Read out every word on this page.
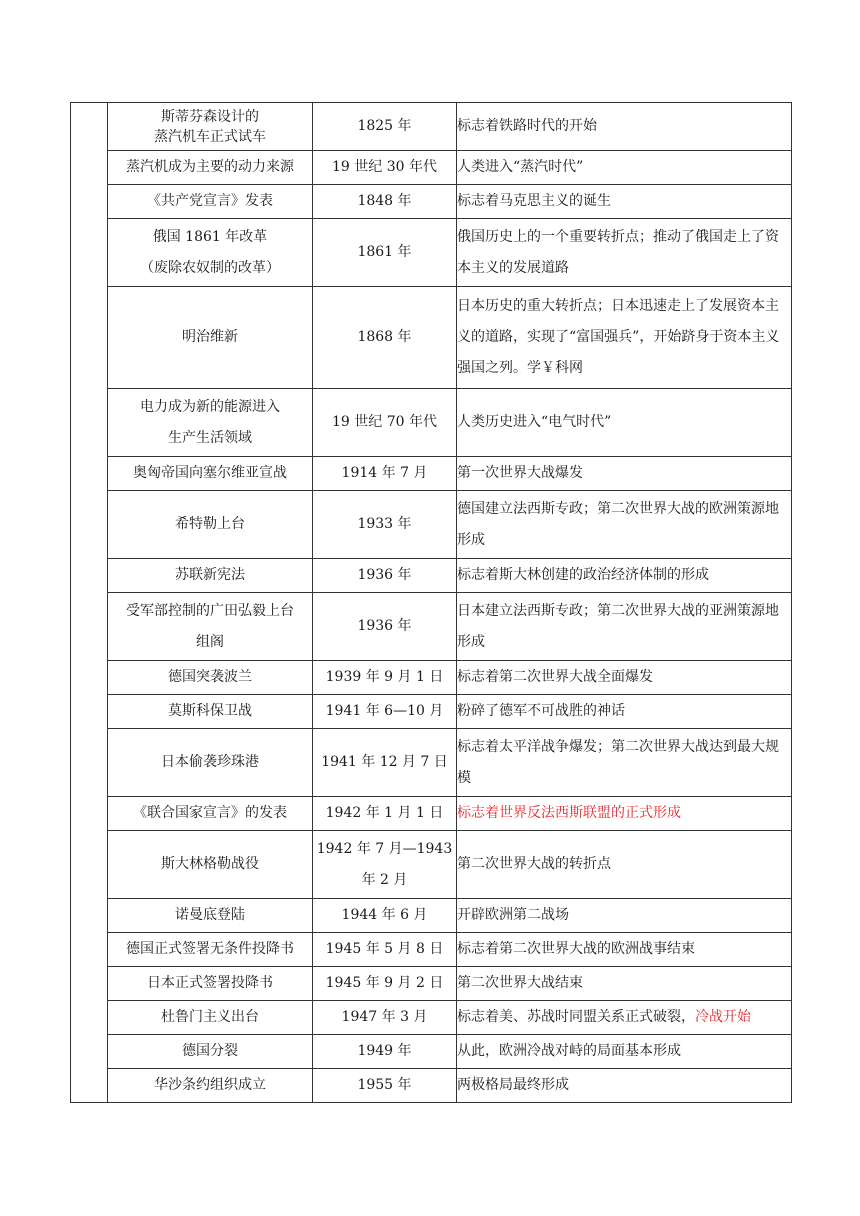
	斯蒂芬森设计的
蒸汽机车正式试车	1825 年	标志着铁路时代的开始

	蒸汽机成为主要的动力来源	19 世纪 30 年代	人类进入“蒸汽时代”

	《共产党宣言》发表	1848 年	标志着马克思主义的诞生

	俄国 1861 年改革
（废除农奴制的改革）	1861 年	俄国历史上的一个重要转折点；推动了俄国走上了资本主义的发展道路

	明治维新	1868 年	日本历史的重大转折点；日本迅速走上了发展资本主义的道路，实现了“富国强兵”，开始跻身于资本主义强国之列。学￥科网

	电力成为新的能源进入
生产生活领域	19 世纪 70 年代	人类历史进入“电气时代”

	奥匈帝国向塞尔维亚宣战	1914 年 7 月	第一次世界大战爆发

	希特勒上台	1933 年	德国建立法西斯专政；第二次世界大战的欧洲策源地形成

	苏联新宪法	1936 年	标志着斯大林创建的政治经济体制的形成

	受军部控制的广田弘毅上台
组阁	1936 年	日本建立法西斯专政；第二次世界大战的亚洲策源地形成

	德国突袭波兰	1939 年 9 月 1 日	标志着第二次世界大战全面爆发

	莫斯科保卫战	1941 年 6—10 月	粉碎了德军不可战胜的神话

	日本偷袭珍珠港	1941 年 12 月 7 日	标志着太平洋战争爆发；第二次世界大战达到最大规模

	《联合国家宣言》的发表	1942 年 1 月 1 日	标志着世界反法西斯联盟的正式形成

	斯大林格勒战役	1942 年 7 月—1943
年 2 月	第二次世界大战的转折点

	诺曼底登陆	1944 年 6 月	开辟欧洲第二战场

	德国正式签署无条件投降书	1945 年 5 月 8 日	标志着第二次世界大战的欧洲战事结束

	日本正式签署投降书	1945 年 9 月 2 日	第二次世界大战结束

	杜鲁门主义出台	1947 年 3 月	标志着美、苏战时同盟关系正式破裂，冷战开始

	德国分裂	1949 年	从此，欧洲冷战对峙的局面基本形成

	华沙条约组织成立	1955 年	两极格局最终形成
